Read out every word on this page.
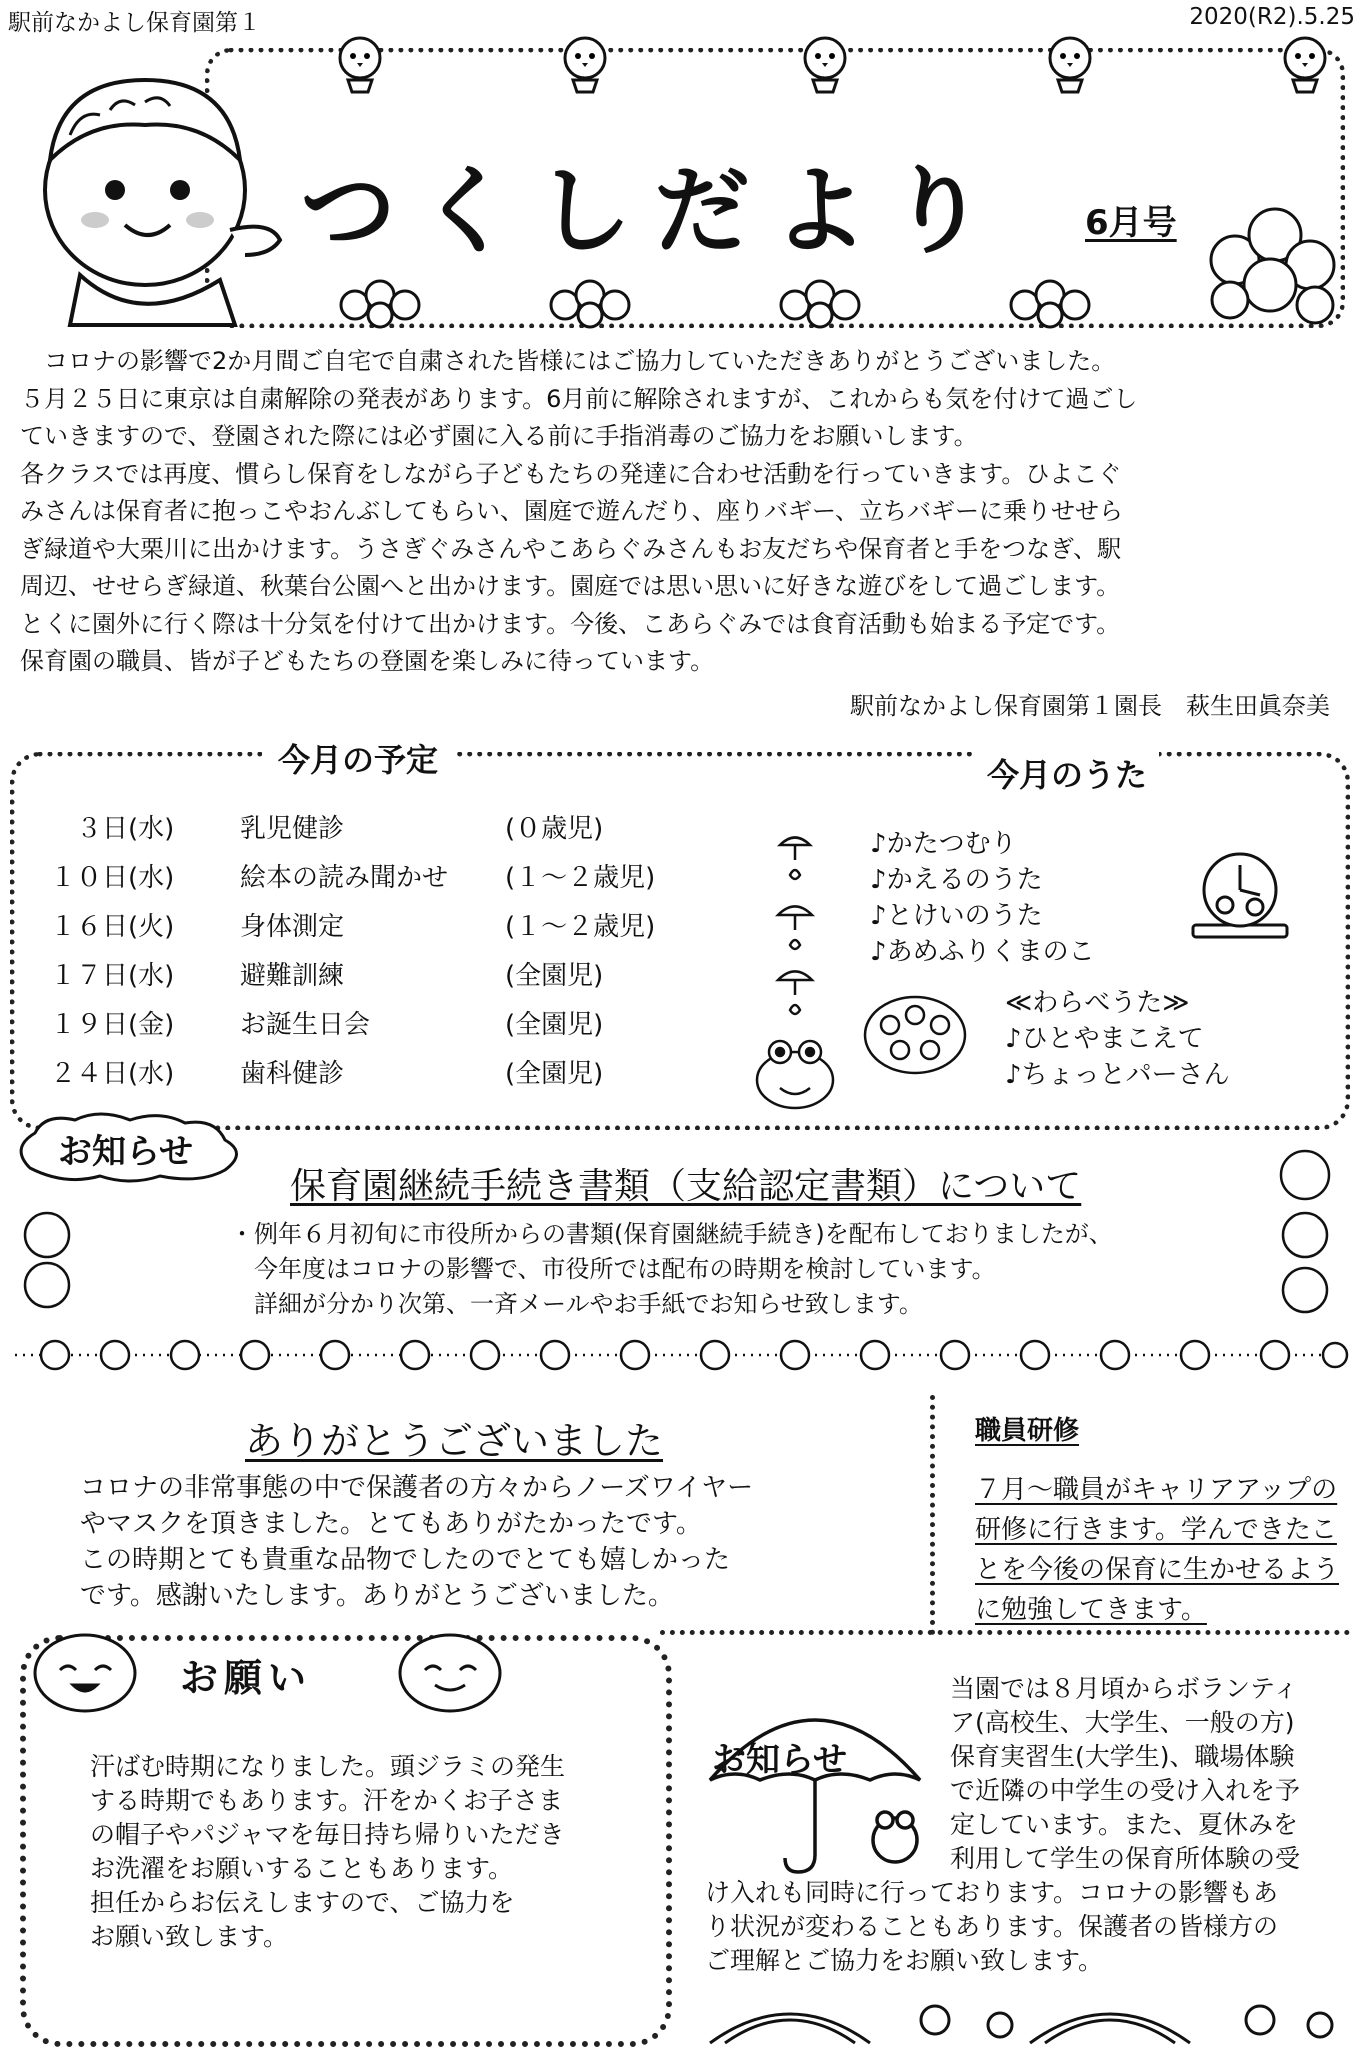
駅前なかよし保育園第１	2020(R2).5.25
つくしだより 6月号
　コロナの影響で2か月間ご自宅で自粛された皆様にはご協力していただきありがとうございました。
５月２５日に東京は自粛解除の発表があります。6月前に解除されますが、これからも気を付けて過ごし
ていきますので、登園された際には必ず園に入る前に手指消毒のご協力をお願いします。
各クラスでは再度、慣らし保育をしながら子どもたちの発達に合わせ活動を行っていきます。ひよこぐ
みさんは保育者に抱っこやおんぶしてもらい、園庭で遊んだり、座りバギー、立ちバギーに乗りせせら
ぎ緑道や大栗川に出かけます。うさぎぐみさんやこあらぐみさんもお友だちや保育者と手をつなぎ、駅
周辺、せせらぎ緑道、秋葉台公園へと出かけます。園庭では思い思いに好きな遊びをして過ごします。
とくに園外に行く際は十分気を付けて出かけます。今後、こあらぐみでは食育活動も始まる予定です。
保育園の職員、皆が子どもたちの登園を楽しみに待っています。
駅前なかよし保育園第１園長　萩生田眞奈美
今月の予定	今月のうた
　３日(水)	乳児健診	(０歳児)
１０日(水)	絵本の読み聞かせ (１～２歳児)
１６日(火)	身体測定	(１～２歳児)
１７日(水)	避難訓練	(全園児)
１９日(金)	お誕生日会	(全園児)
２４日(水)	歯科健診	(全園児)
♪かたつむり
♪かえるのうた
♪とけいのうた
♪あめふりくまのこ
≪わらべうた≫
♪ひとやまこえて
♪ちょっとパーさん
お知らせ
保育園継続手続き書類（支給認定書類）について
・例年６月初旬に市役所からの書類(保育園継続手続き)を配布しておりましたが、
今年度はコロナの影響で、市役所では配布の時期を検討しています。
詳細が分かり次第、一斉メールやお手紙でお知らせ致します。
ありがとうございました
コロナの非常事態の中で保護者の方々からノーズワイヤー
やマスクを頂きました。とてもありがたかったです。
この時期とても貴重な品物でしたのでとても嬉しかった
です。感謝いたします。ありがとうございました。
職員研修
７月～職員がキャリアアップの
研修に行きます。学んできたこ
とを今後の保育に生かせるよう
に勉強してきます。
お願い
汗ばむ時期になりました。頭ジラミの発生
する時期でもあります。汗をかくお子さま
の帽子やパジャマを毎日持ち帰りいただき
お洗濯をお願いすることもあります。
担任からお伝えしますので、ご協力を
お願い致します。
お知らせ
当園では８月頃からボランティ
ア(高校生、大学生、一般の方)
保育実習生(大学生)、職場体験
で近隣の中学生の受け入れを予
定しています。また、夏休みを
利用して学生の保育所体験の受
け入れも同時に行っております。コロナの影響もあ
り状況が変わることもあります。保護者の皆様方の
ご理解とご協力をお願い致します。
